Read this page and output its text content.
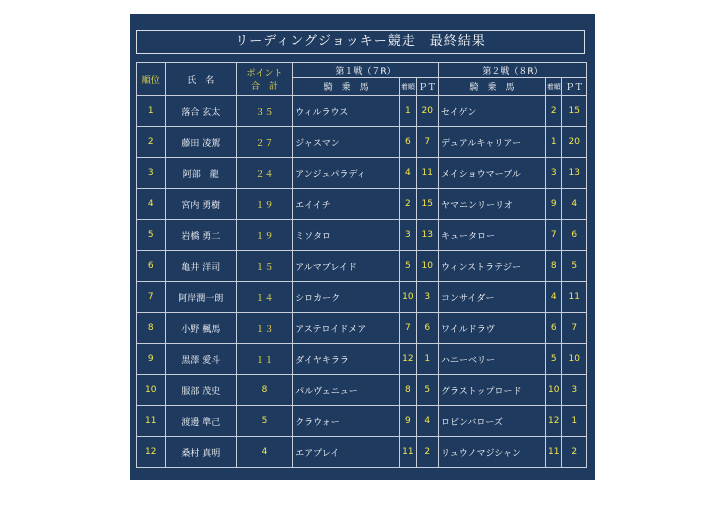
リーディングジョッキー競走　最終結果
順位	氏　名	ポイント
合　計	第１戦（７R）			第２戦（８R）		
			騎　乗　馬	着順	ＰＴ	騎　乗　馬	着順	ＰＴ
1	落合 玄太	３５	ウィルラウス	1	20	セイゲン	2	15
2	藤田 凌駕	２７	ジャスマン	6	7	デュアルキャリアー	1	20
3	阿部　龍	２４	アンジュパラディ	4	11	メイショウマーブル	3	13
4	宮内 勇樹	１９	エイイチ	2	15	ヤマニンリーリオ	9	4
5	岩橋 勇二	１９	ミソタロ	3	13	キュータロー	7	6
6	亀井 洋司	１５	アルマブレイド	5	10	ウィンストラテジー	8	5
7	阿岸潤一朗	１４	シロカーク	10	3	コンサイダー	4	11
8	小野 楓馬	１３	アステロイドメア	7	6	ワイルドラヴ	6	7
9	黒澤 愛斗	１１	ダイヤキララ	12	1	ハニーベリー	5	10
10	服部 茂史	8	パルヴェニュー	8	5	グラストップロード	10	3
11	渡邊 準己	5	クラウォー	9	4	ロビンバローズ	12	1
12	桑村 真明	4	エアプレイ	11	2	リュウノマジシャン	11	2
